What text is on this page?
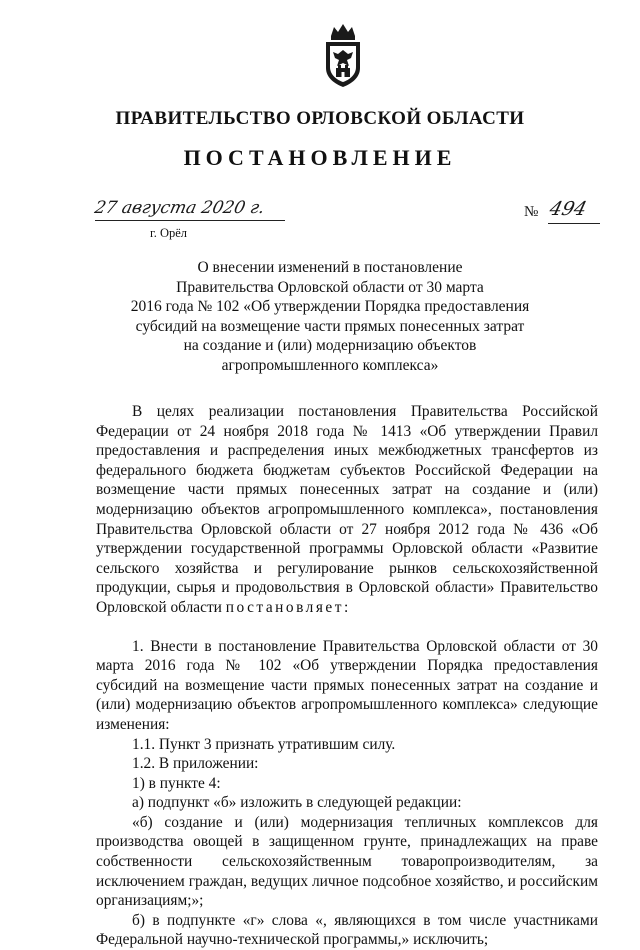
ПРАВИТЕЛЬСТВО ОРЛОВСКОЙ ОБЛАСТИ
ПОСТАНОВЛЕНИЕ
27 августа 2020 г.
г. Орёл
№ 494
О внесении изменений в постановление
Правительства Орловской области от 30 марта
2016 года № 102 «Об утверждении Порядка предоставления
субсидий на возмещение части прямых понесенных затрат
на создание и (или) модернизацию объектов
агропромышленного комплекса»

В целях реализации постановления Правительства Российской Федерации от 24 ноября 2018 года № 1413 «Об утверждении Правил предоставления и распределения иных межбюджетных трансфертов из федерального бюджета бюджетам субъектов Российской Федерации на возмещение части прямых понесенных затрат на создание и (или) модернизацию объектов агропромышленного комплекса», постановления Правительства Орловской области от 27 ноября 2012 года № 436 «Об утверждении государственной программы Орловской области «Развитие сельского хозяйства и регулирование рынков сельскохозяйственной продукции, сырья и продовольствия в Орловской области» Правительство Орловской области постановляет:

1. Внести в постановление Правительства Орловской области от 30 марта 2016 года № 102 «Об утверждении Порядка предоставления субсидий на возмещение части прямых понесенных затрат на создание и (или) модернизацию объектов агропромышленного комплекса» следующие изменения:

1.1. Пункт 3 признать утратившим силу.

1.2. В приложении:

1) в пункте 4:

а) подпункт «б» изложить в следующей редакции:

«б) создание и (или) модернизация тепличных комплексов для производства овощей в защищенном грунте, принадлежащих на праве собственности сельскохозяйственным товаропроизводителям, за исключением граждан, ведущих личное подсобное хозяйство, и российским организациям;»;

б) в подпункте «г» слова «, являющихся в том числе участниками Федеральной научно-технической программы,» исключить;
